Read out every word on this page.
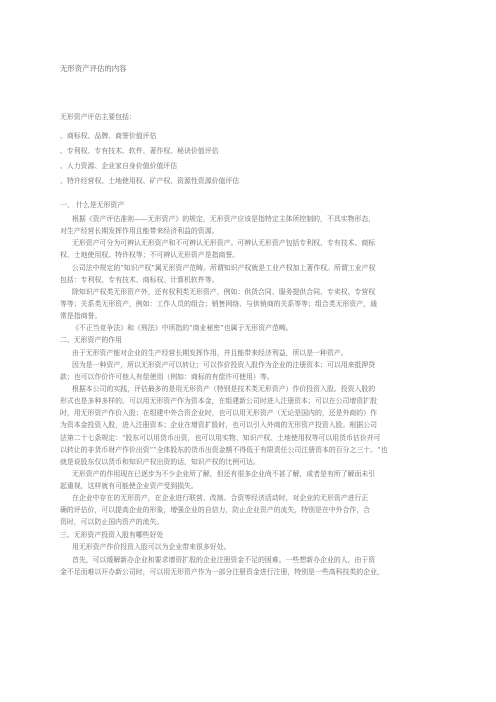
无形资产评估的内容
无形资产评估主要包括：
、商标权、品牌、商誉价值评估
、专利权、专有技术、软件、著作权、秘诀价值评估
、人力资源、企业家自身价值价值评估
、特许经营权、土地使用权、矿产权、资源性资源价值评估
一、 什么是无形资产
根据《资产评估准则——无形资产》的规定，无形资产应该是指特定主体所控制的，不具实物形态，
对生产经营长期发挥作用且能带来经济利益的资源。
无形资产可分为可辨认无形资产和不可辨认无形资产。可辨认无形资产包括专利权、专有技术、商标
权、土地使用权、特许权等；不可辨认无形资产是指商誉。
公司法中规定的“知识产权”属无形资产范畴。所谓知识产权就是工业产权加上著作权。所谓工业产权
包括：专利权、专有技术、商标权、计算机软件等。
除知识产权类无形资产外，还有权利类无形资产，例如：供货合同、服务提供合同、专卖权、专营权
等等；关系类无形资产，例如：工作人员的组合；销售网络、与供销商的关系等等；组合类无形资产，通
常是指商誉。
《不正当竞争法》和《刑法》中所指的“商业秘密”也属于无形资产范畴。
二、无形资产的作用
由于无形资产能对企业的生产经营长期发挥作用，并且能带来经济利益，所以是一种资产。
因为是一种资产，所以无形资产可以转让；可以作价投资入股作为企业的注册资本；可以用来抵押贷
款；也可以作价许可他人有偿使用（例如：商标的有偿许可使用）等。
根据本公司的实践，评估最多的是用无形资产（特别是技术类无形资产）作价投资入股。投资入股的
形式也是多种多样的。可以用无形资产作为资本金，在组建新公司时进入注册资本；可以在公司增资扩股
时，用无形资产作价入股；在组建中外合资企业时，也可以用无形资产（无论是国内的，还是外商的）作
为资本金投资入股，进入注册资本；企业在增资扩股时，也可以引入外商的无形资产投资入股。根据公司
法第二十七条规定：“股东可以用货币出资，也可以用实物、知识产权、土地使用权等可以用货币估价并可
以转让的非货币财产作价出资”“全体股东的货币出资金额不得低于有限责任公司注册资本的百分之三十。“也
就是说股东仅以货币和知识产权出资的话，知识产权的比例可达。
无形资产的作用现在已逐步为不少企业所了解，但还有很多企业尚不甚了解，或者是有所了解而未引
起重视，这样就有可能使企业资产受到损失。
在企业中存在的无形资产，在企业进行联营、改制、合资等经济活动时，对企业的无形资产进行正
确的评估价，可以提高企业的形象，增强企业的自信力，防止企业资产的流失，特别是在中外合作，合
资时，可以防止国内资产的流失。
三、无形资产投资入股有哪些好处
用无形资产作价投资入股可以为企业带来很多好处。
首先，可以缓解新办企业和要求增资扩股的企业注册资金不足的困难。一些想新办企业的人，由于资
金不足而难以开办新公司时，可以用无形资产作为一部分注册资金进行注册，特别是一些高科技类的企业，
